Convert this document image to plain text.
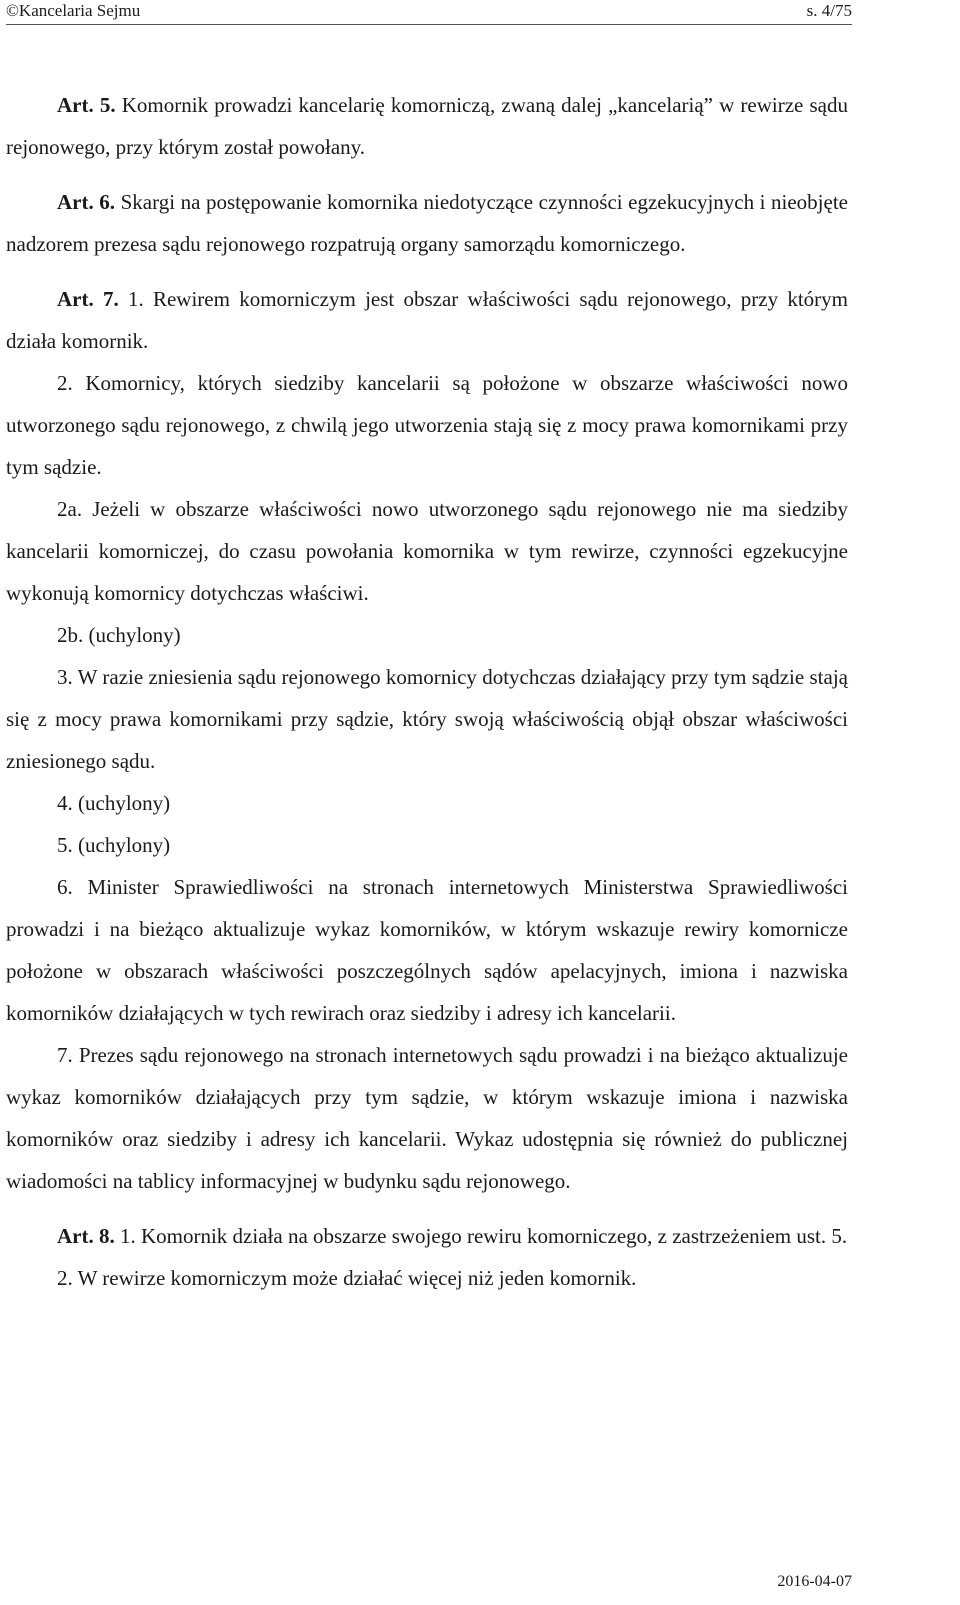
©Kancelaria Sejmu	s. 4/75

Art. 5. Komornik prowadzi kancelarię komorniczą, zwaną dalej „kancelarią” w rewirze sądu rejonowego, przy którym został powołany.

Art. 6. Skargi na postępowanie komornika niedotyczące czynności egzekucyjnych i nieobjęte nadzorem prezesa sądu rejonowego rozpatrują organy samorządu komorniczego.

Art. 7. 1. Rewirem komorniczym jest obszar właściwości sądu rejonowego, przy którym działa komornik.

2. Komornicy, których siedziby kancelarii są położone w obszarze właściwości nowo utworzonego sądu rejonowego, z chwilą jego utworzenia stają się z mocy prawa komornikami przy tym sądzie.

2a. Jeżeli w obszarze właściwości nowo utworzonego sądu rejonowego nie ma siedziby kancelarii komorniczej, do czasu powołania komornika w tym rewirze, czynności egzekucyjne wykonują komornicy dotychczas właściwi.

2b. (uchylony)

3. W razie zniesienia sądu rejonowego komornicy dotychczas działający przy tym sądzie stają się z mocy prawa komornikami przy sądzie, który swoją właściwością objął obszar właściwości zniesionego sądu.

4. (uchylony)

5. (uchylony)

6. Minister Sprawiedliwości na stronach internetowych Ministerstwa Sprawiedliwości prowadzi i na bieżąco aktualizuje wykaz komorników, w którym wskazuje rewiry komornicze położone w obszarach właściwości poszczególnych sądów apelacyjnych, imiona i nazwiska komorników działających w tych rewirach oraz siedziby i adresy ich kancelarii.

7. Prezes sądu rejonowego na stronach internetowych sądu prowadzi i na bieżąco aktualizuje wykaz komorników działających przy tym sądzie, w którym wskazuje imiona i nazwiska komorników oraz siedziby i adresy ich kancelarii. Wykaz udostępnia się również do publicznej wiadomości na tablicy informacyjnej w budynku sądu rejonowego.

Art. 8. 1. Komornik działa na obszarze swojego rewiru komorniczego, z zastrzeżeniem ust. 5.

2. W rewirze komorniczym może działać więcej niż jeden komornik.

2016-04-07
